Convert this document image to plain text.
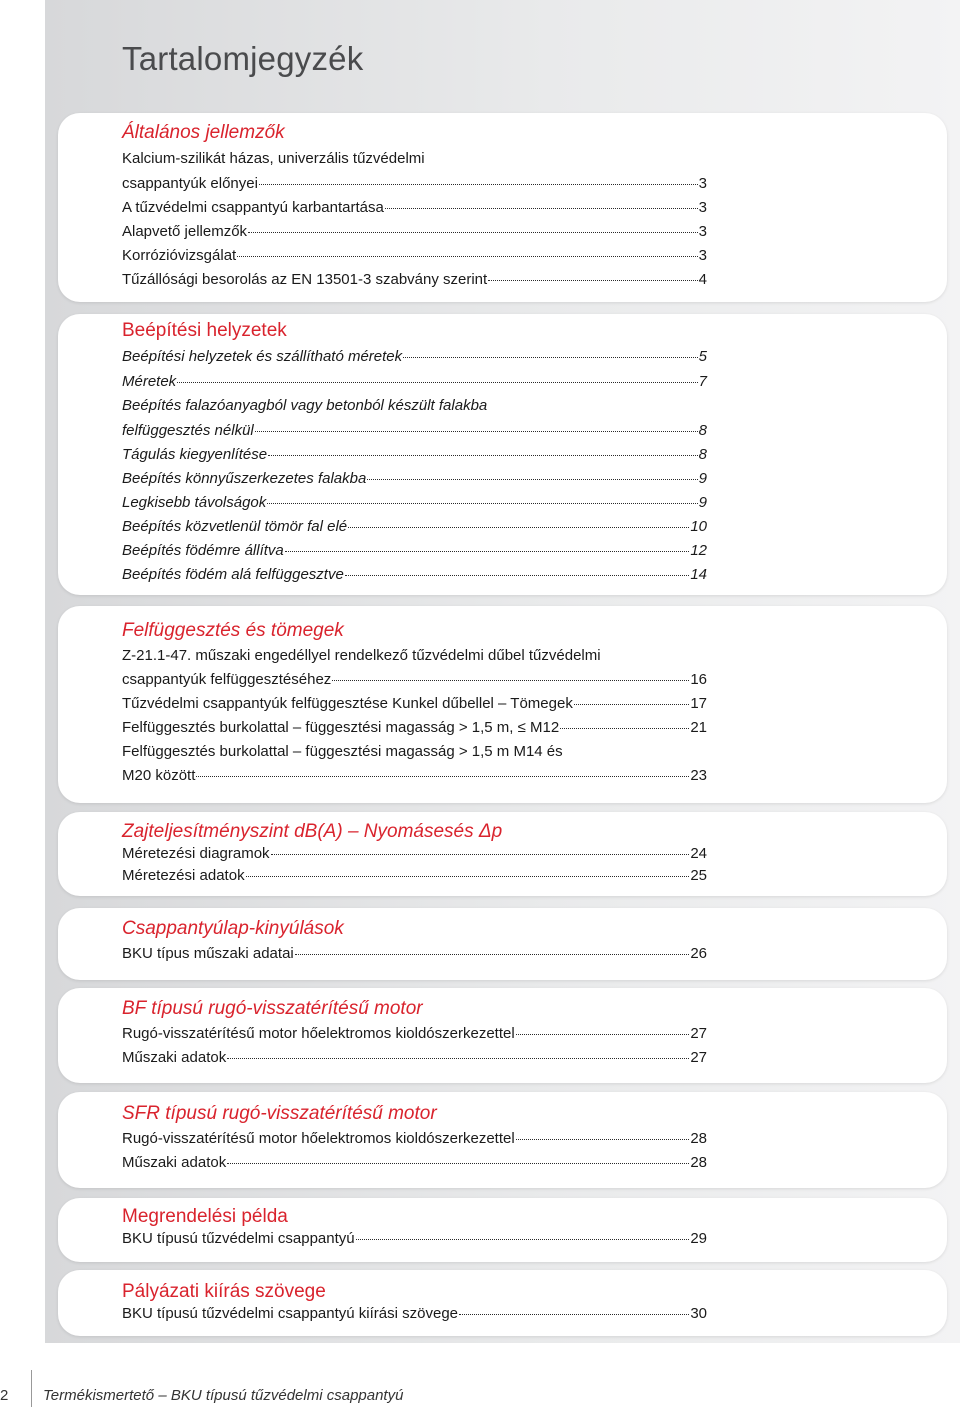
Tartalomjegyzék
Általános jellemzők
Kalcium-szilikát házas, univerzális tűzvédelmi
csappantyúk előnyei	3
A tűzvédelmi csappantyú karbantartása	3
Alapvető jellemzők	3
Korrózióvizsgálat	3
Tűzállósági besorolás az EN 13501-3 szabvány szerint	4
Beépítési helyzetek
Beépítési helyzetek és szállítható méretek	5
Méretek	7
Beépítés falazóanyagból vagy betonból készült falakba
felfüggesztés nélkül	8
Tágulás kiegyenlítése	8
Beépítés könnyűszerkezetes falakba	9
Legkisebb távolságok	9
Beépítés közvetlenül tömör fal elé	10
Beépítés födémre állítva	12
Beépítés födém alá felfüggesztve	14
Felfüggesztés és tömegek
Z-21.1-47. műszaki engedéllyel rendelkező tűzvédelmi dűbel tűzvédelmi
csappantyúk felfüggesztéséhez	16
Tűzvédelmi csappantyúk felfüggesztése Kunkel dűbellel – Tömegek	17
Felfüggesztés burkolattal – függesztési magasság > 1,5 m, ≤ M12	21
Felfüggesztés burkolattal – függesztési magasság > 1,5 m M14 és
M20 között	23
Zajteljesítményszint dB(A) – Nyomásesés Δp
Méretezési diagramok	24
Méretezési adatok	25
Csappantyúlap-kinyúlások
BKU típus műszaki adatai	26
BF típusú rugó-visszatérítésű motor
Rugó-visszatérítésű motor hőelektromos kioldószerkezettel	27
Műszaki adatok	27
SFR típusú rugó-visszatérítésű motor
Rugó-visszatérítésű motor hőelektromos kioldószerkezettel	28
Műszaki adatok	28
Megrendelési példa
BKU típusú tűzvédelmi csappantyú	29
Pályázati kiírás szövege
BKU típusú tűzvédelmi csappantyú kiírási szövege	30
2 Termékismertető – BKU típusú tűzvédelmi csappantyú
